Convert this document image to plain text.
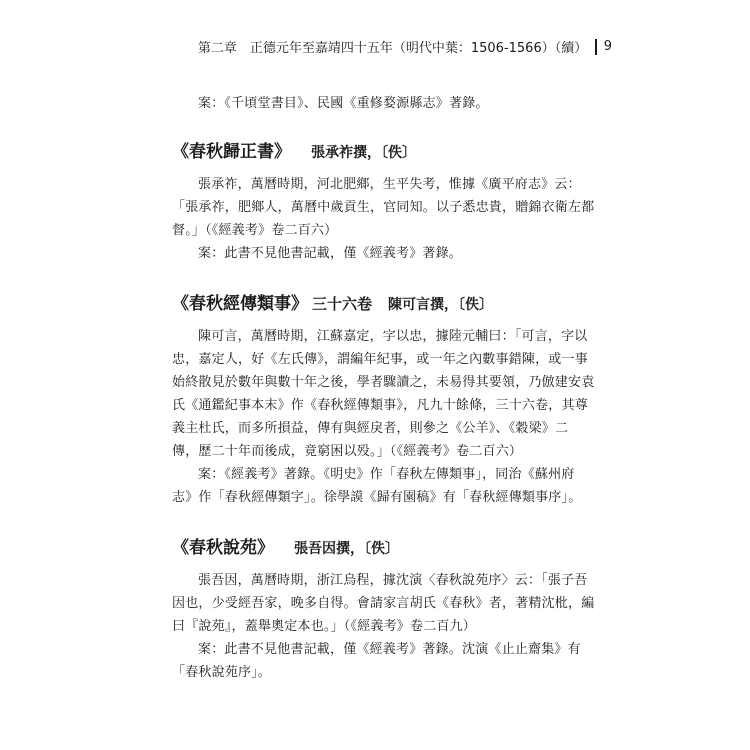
第二章　正德元年至嘉靖四十五年（明代中葉：1506-1566）（續） 9

案：《千頃堂書目》、民國《重修婺源縣志》著錄。

《春秋歸正書》 張承祚撰，〔佚〕

張承祚，萬曆時期，河北肥鄉，生平失考，惟據《廣平府志》云：
「張承祚，肥鄉人，萬曆中歲貢生，官同知。以子悉忠貴，贈錦衣衛左都
督。」（《經義考》卷二百六）

案：此書不見他書記載，僅《經義考》著錄。

《春秋經傳類事》 三十六卷 陳可言撰，〔佚〕

陳可言，萬曆時期，江蘇嘉定，字以忠，據陸元輔曰：「可言，字以
忠，嘉定人，好《左氏傳》，謂編年紀事，或一年之內數事錯陳，或一事
始終散見於數年與數十年之後，學者驟讀之，未易得其要領，乃倣建安袁
氏《通鑑紀事本末》作《春秋經傳類事》，凡九十餘條，三十六卷，其尊
義主杜氏，而多所損益，傳有與經戾者，則參之《公羊》、《穀梁》二
傳，歷二十年而後成，竟窮困以殁。」（《經義考》卷二百六）

案：《經義考》著錄。《明史》作「春秋左傳類事」，同治《蘇州府
志》作「春秋經傳類字」。徐學謨《歸有園稿》有「春秋經傳類事序」。

《春秋說苑》 張吾因撰，〔佚〕

張吾因，萬曆時期，浙江烏程，據沈演〈春秋說苑序〉云：「張子吾
因也，少受經吾家，晚多自得。會請家言胡氏《春秋》者，著精沈枇，編
曰『說苑』，蓋舉奧定本也。」（《經義考》卷二百九）

案：此書不見他書記載，僅《經義考》著錄。沈演《止止齋集》有
「春秋說苑序」。
